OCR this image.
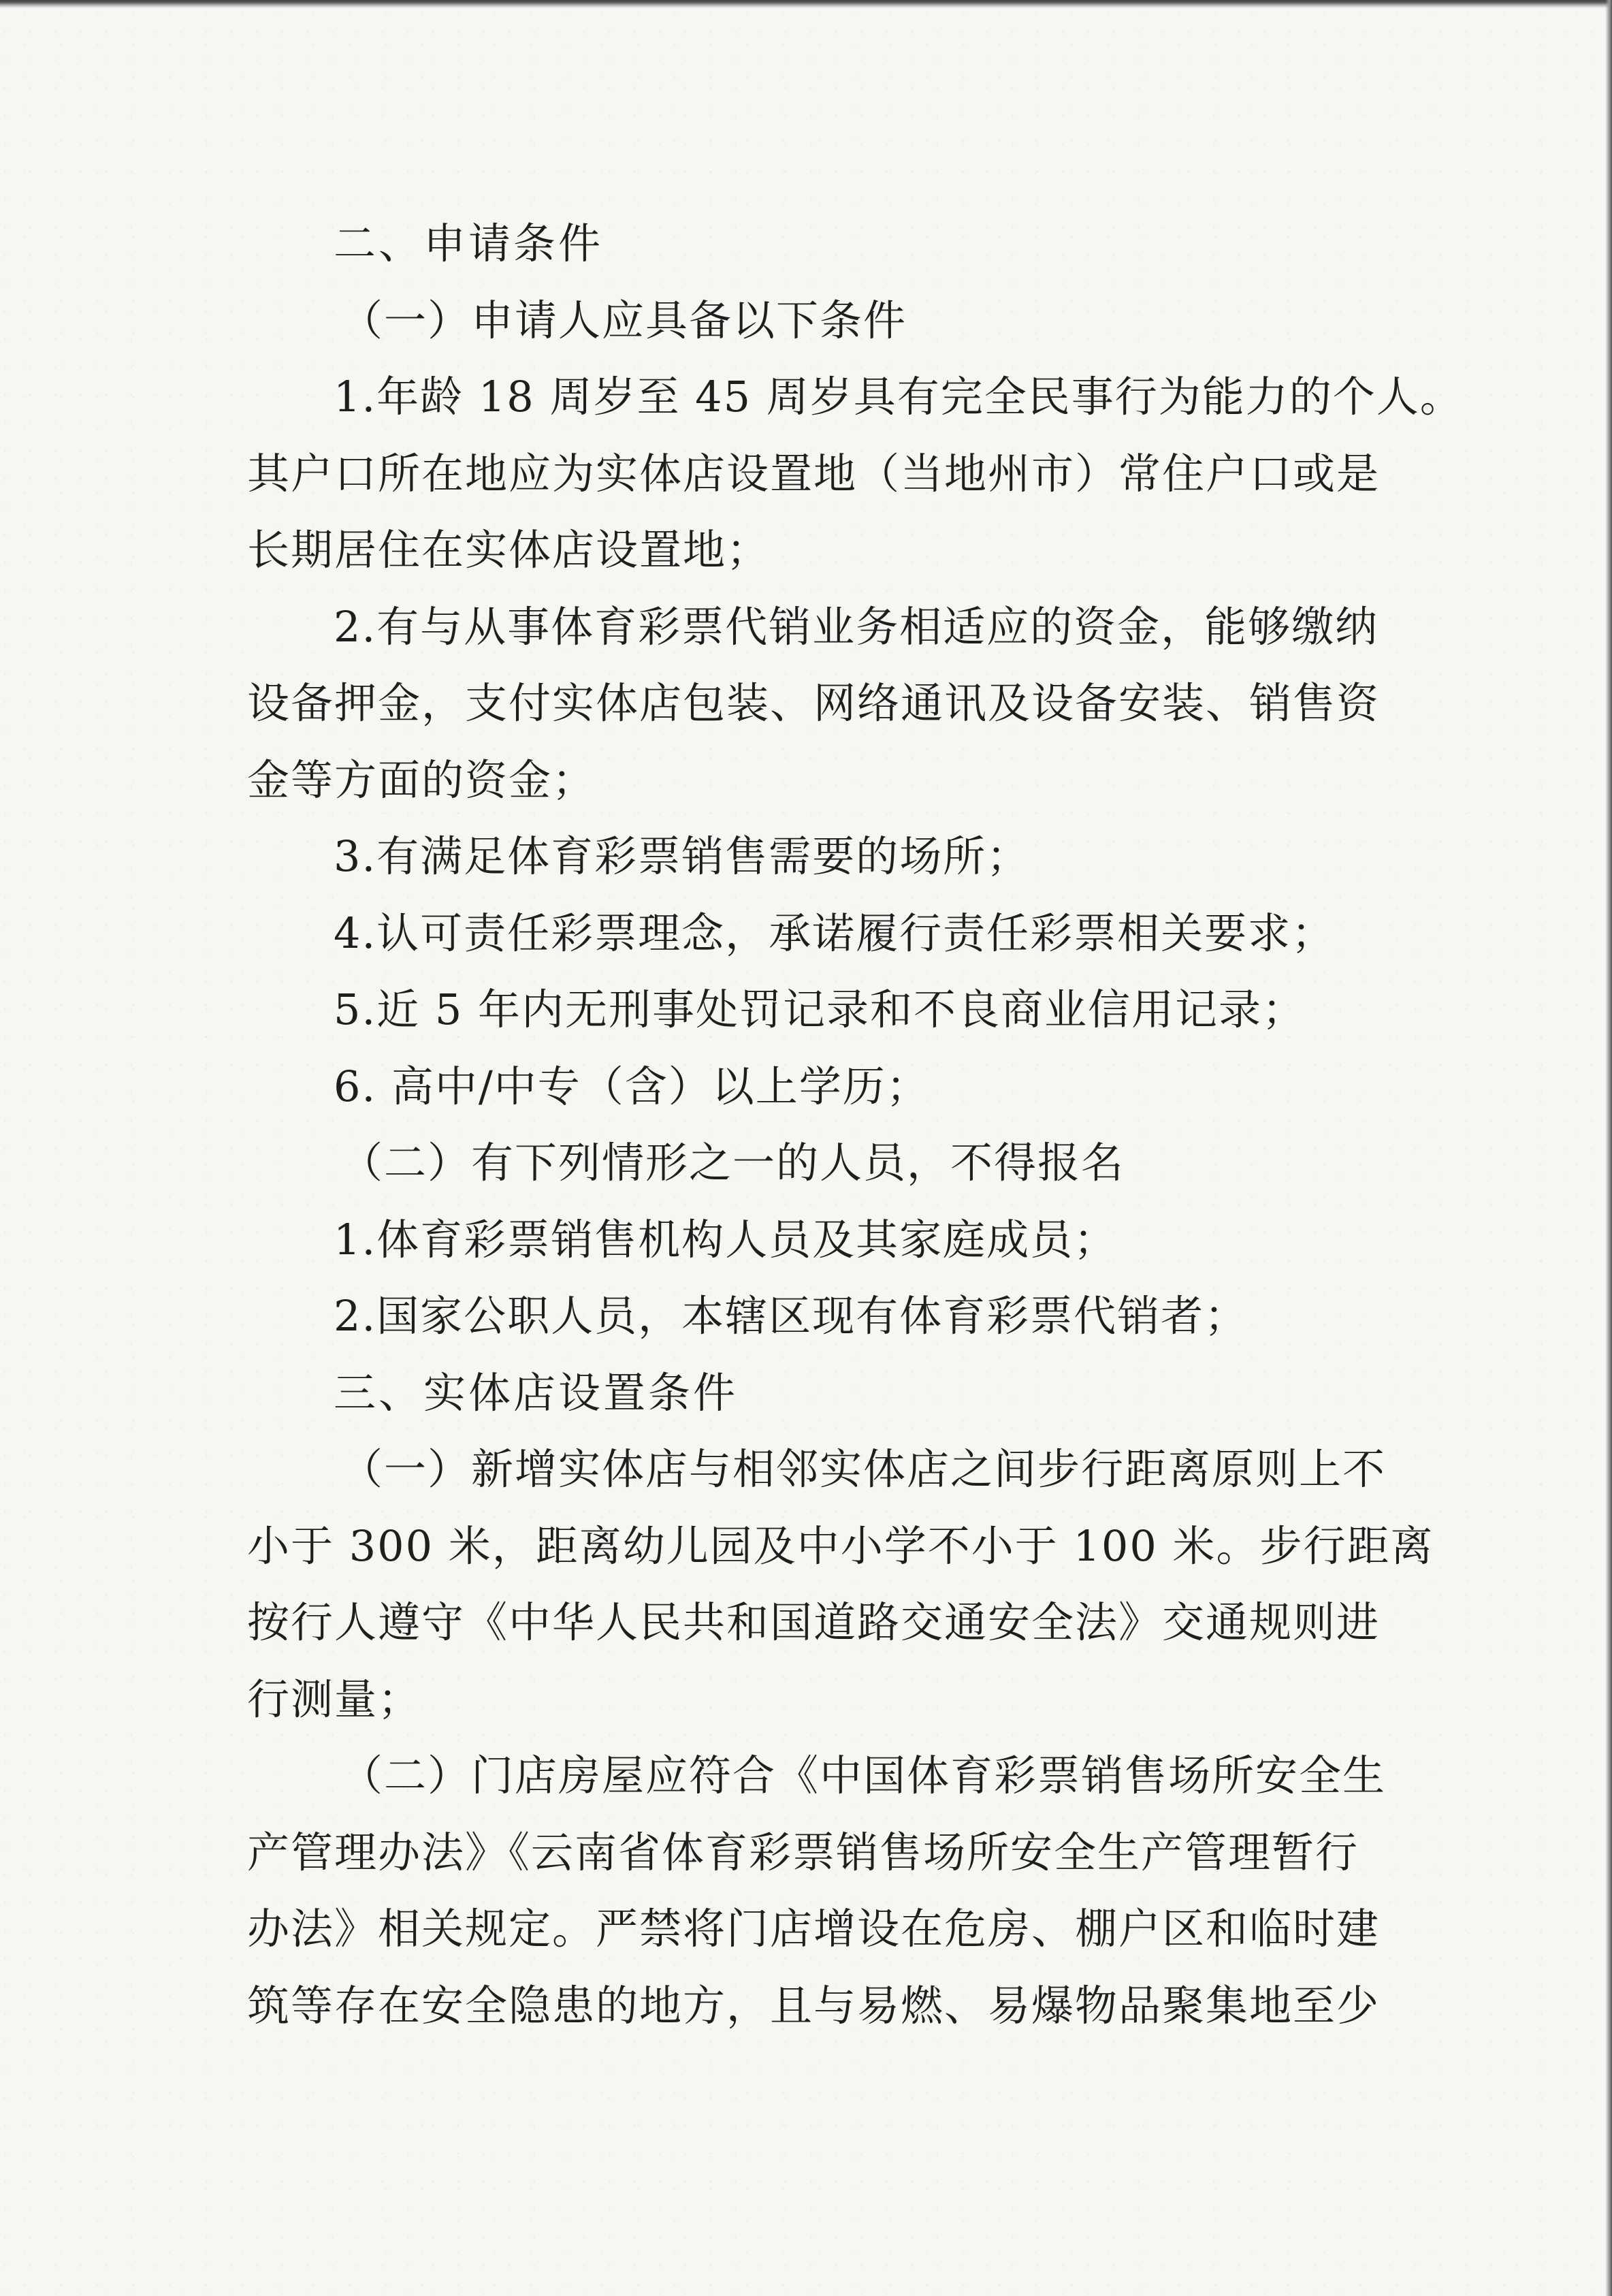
二、申请条件
（一）申请人应具备以下条件
1.年龄 18 周岁至 45 周岁具有完全民事行为能力的个人。
其户口所在地应为实体店设置地（当地州市）常住户口或是
长期居住在实体店设置地；
2.有与从事体育彩票代销业务相适应的资金，能够缴纳
设备押金，支付实体店包装、网络通讯及设备安装、销售资
金等方面的资金；
3.有满足体育彩票销售需要的场所；
4.认可责任彩票理念，承诺履行责任彩票相关要求；
5.近 5 年内无刑事处罚记录和不良商业信用记录；
6. 高中/中专（含）以上学历；
（二）有下列情形之一的人员，不得报名
1.体育彩票销售机构人员及其家庭成员；
2.国家公职人员，本辖区现有体育彩票代销者；
三、实体店设置条件
（一）新增实体店与相邻实体店之间步行距离原则上不
小于 300 米，距离幼儿园及中小学不小于 100 米。步行距离
按行人遵守《中华人民共和国道路交通安全法》交通规则进
行测量；
（二）门店房屋应符合《中国体育彩票销售场所安全生
产管理办法》《云南省体育彩票销售场所安全生产管理暂行
办法》相关规定。严禁将门店增设在危房、棚户区和临时建
筑等存在安全隐患的地方，且与易燃、易爆物品聚集地至少
